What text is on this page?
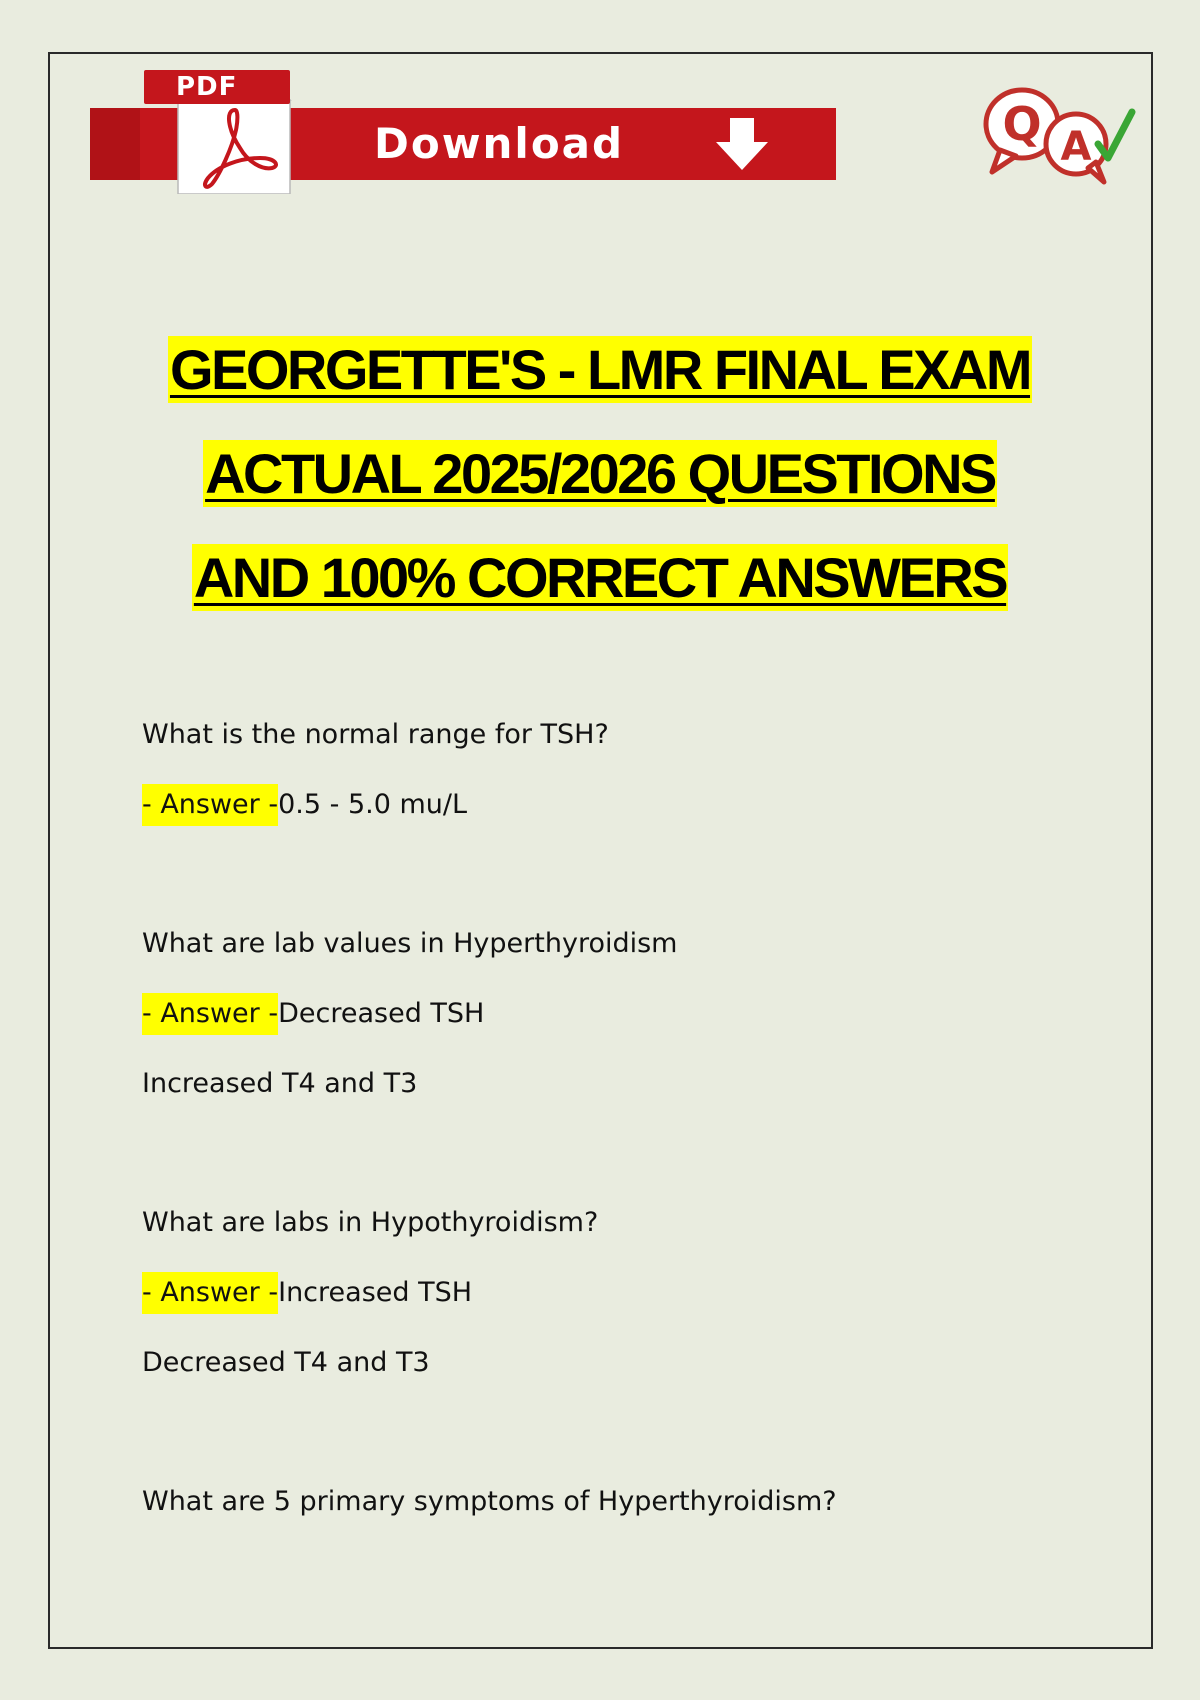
Download
PDF
Q A
GEORGETTE'S - LMR FINAL EXAM
ACTUAL 2025/2026 QUESTIONS
AND 100% CORRECT ANSWERS
What is the normal range for TSH?
- Answer -0.5 - 5.0 mu/L
What are lab values in Hyperthyroidism
- Answer -Decreased TSH
Increased T4 and T3
What are labs in Hypothyroidism?
- Answer -Increased TSH
Decreased T4 and T3
What are 5 primary symptoms of Hyperthyroidism?
